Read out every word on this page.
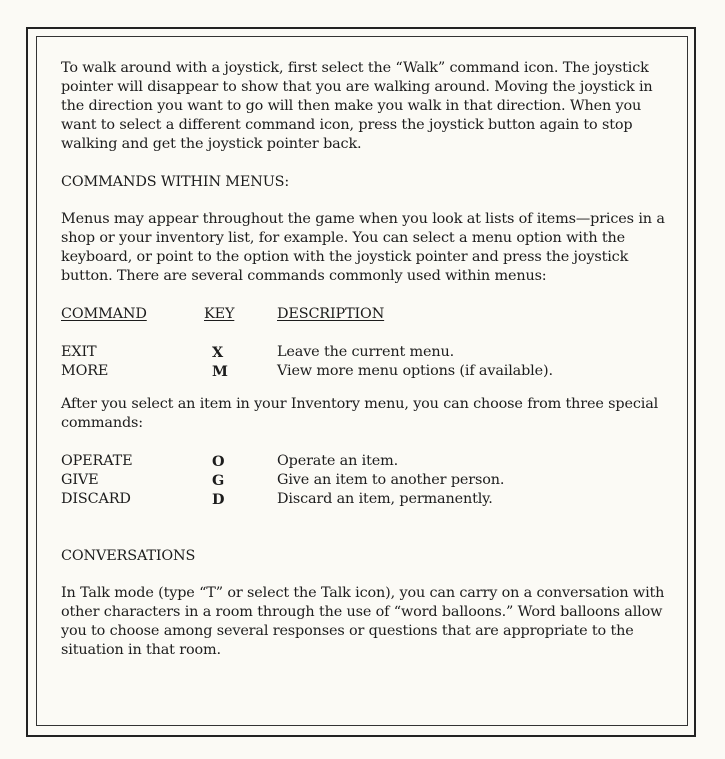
To walk around with a joystick, first select the “Walk” command icon. The joystick pointer will disappear to show that you are walking around. Moving the joystick in the direction you want to go will then make you walk in that direction. When you want to select a different command icon, press the joystick button again to stop walking and get the joystick pointer back.

COMMANDS WITHIN MENUS:

Menus may appear throughout the game when you look at lists of items—prices in a shop or your inventory list, for example. You can select a menu option with the keyboard, or point to the option with the joystick pointer and press the joystick button. There are several commands commonly used within menus:

COMMAND	KEY	DESCRIPTION
EXIT	X	Leave the current menu.
MORE	M	View more menu options (if available).

After you select an item in your Inventory menu, you can choose from three special commands:

OPERATE	O	Operate an item.
GIVE	G	Give an item to another person.
DISCARD	D	Discard an item, permanently.

CONVERSATIONS

In Talk mode (type “T” or select the Talk icon), you can carry on a conversation with other characters in a room through the use of “word balloons.” Word balloons allow you to choose among several responses or questions that are appropriate to the situation in that room.
